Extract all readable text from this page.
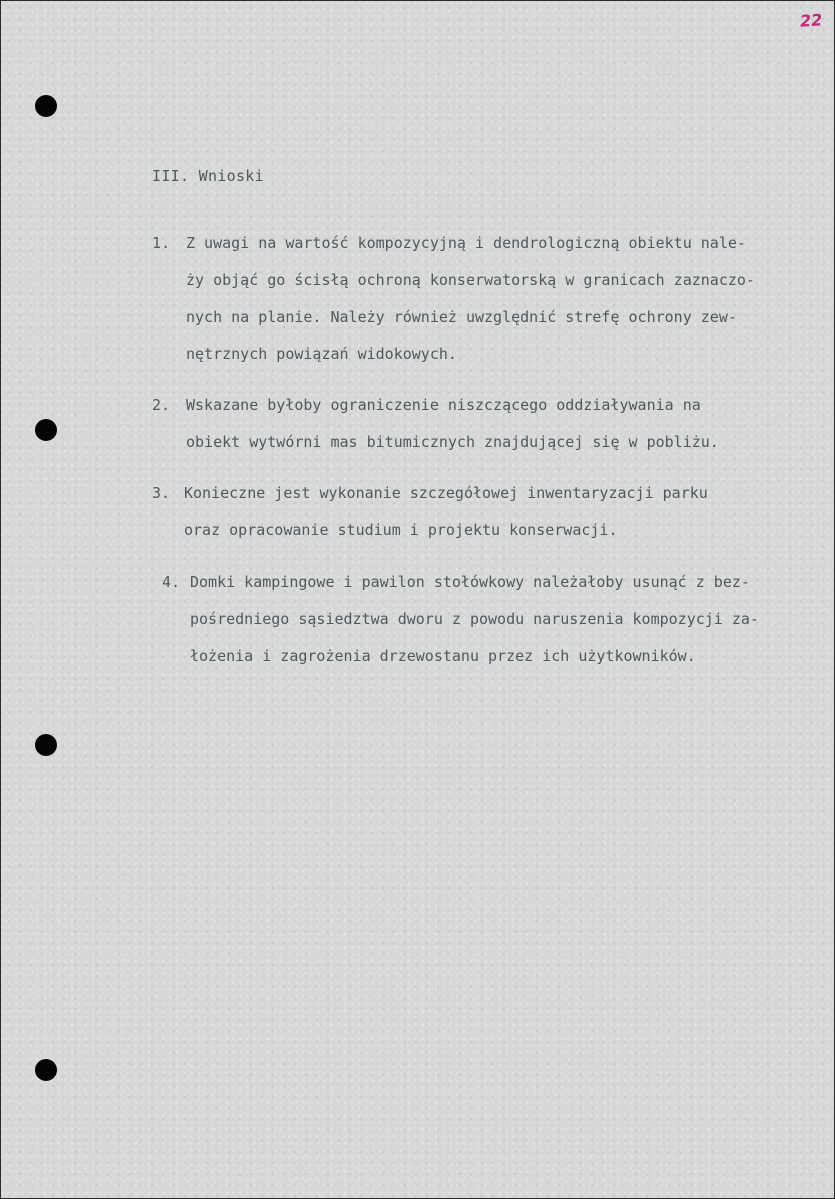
22
III. Wnioski
1.	Z uwagi na wartość kompozycyjną i dendrologiczną obiektu nale-
ży objąć go ścisłą ochroną konserwatorską w granicach zaznaczo-
nych na planie. Należy również uwzględnić strefę ochrony zew-
nętrznych powiązań widokowych.
2.	Wskazane byłoby ograniczenie niszczącego oddziaływania na
obiekt wytwórni mas bitumicznych znajdującej się w pobliżu.
3. Konieczne jest wykonanie szczegółowej inwentaryzacji parku
oraz opracowanie studium i projektu konserwacji.
4. Domki kampingowe i pawilon stołówkowy należałoby usunąć z bez-
pośredniego sąsiedztwa dworu z powodu naruszenia kompozycji za-
łożenia i zagrożenia drzewostanu przez ich użytkowników.
